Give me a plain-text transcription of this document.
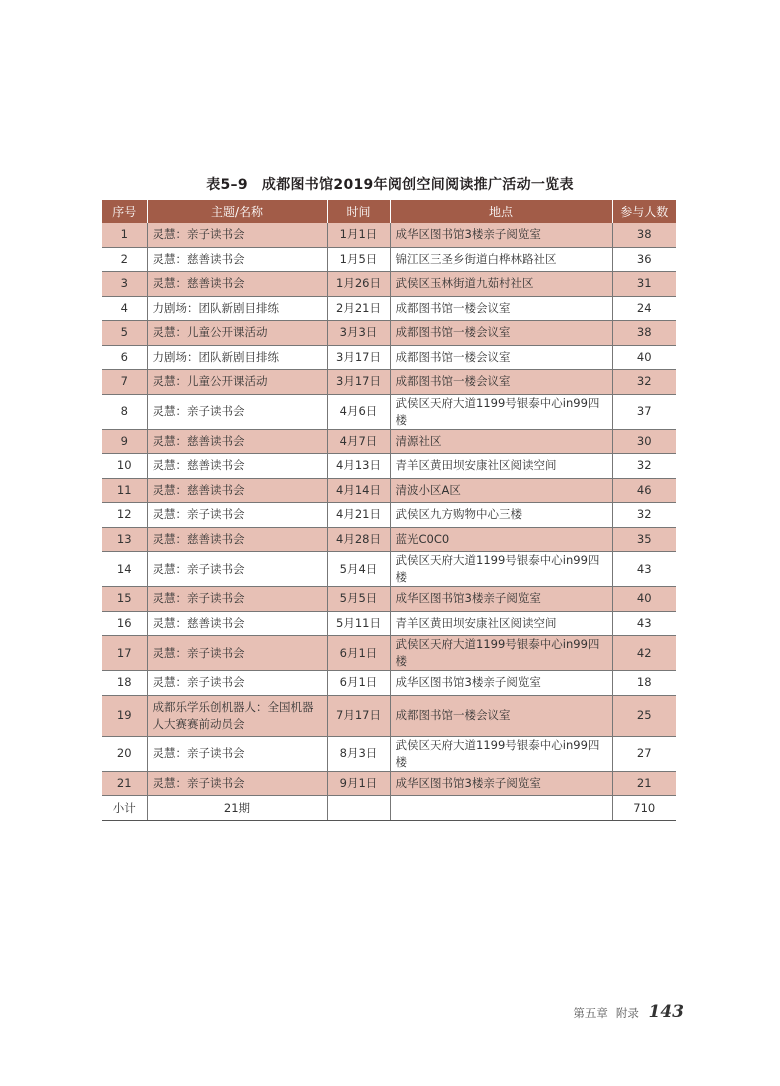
表5–9 成都图书馆2019年阅创空间阅读推广活动一览表
序号	主题/名称	时间	地点	参与人数
1	灵慧：亲子读书会	1月1日	成华区图书馆3楼亲子阅览室	38
2	灵慧：慈善读书会	1月5日	锦江区三圣乡街道白桦林路社区	36
3	灵慧：慈善读书会	1月26日	武侯区玉林街道九茹村社区	31
4	力剧场：团队新剧目排练	2月21日	成都图书馆一楼会议室	24
5	灵慧：儿童公开课活动	3月3日	成都图书馆一楼会议室	38
6	力剧场：团队新剧目排练	3月17日	成都图书馆一楼会议室	40
7	灵慧：儿童公开课活动	3月17日	成都图书馆一楼会议室	32
8	灵慧：亲子读书会	4月6日	武侯区天府大道1199号银泰中心in99四楼	37
9	灵慧：慈善读书会	4月7日	清源社区	30
10	灵慧：慈善读书会	4月13日	青羊区黄田坝安康社区阅读空间	32
11	灵慧：慈善读书会	4月14日	清波小区A区	46
12	灵慧：亲子读书会	4月21日	武侯区九方购物中心三楼	32
13	灵慧：慈善读书会	4月28日	蓝光C0C0	35
14	灵慧：亲子读书会	5月4日	武侯区天府大道1199号银泰中心in99四楼	43
15	灵慧：亲子读书会	5月5日	成华区图书馆3楼亲子阅览室	40
16	灵慧：慈善读书会	5月11日	青羊区黄田坝安康社区阅读空间	43
17	灵慧：亲子读书会	6月1日	武侯区天府大道1199号银泰中心in99四楼	42
18	灵慧：亲子读书会	6月1日	成华区图书馆3楼亲子阅览室	18
19	成都乐学乐创机器人：全国机器人大赛赛前动员会	7月17日	成都图书馆一楼会议室	25
20	灵慧：亲子读书会	8月3日	武侯区天府大道1199号银泰中心in99四楼	27
21	灵慧：亲子读书会	9月1日	成华区图书馆3楼亲子阅览室	21
小计	21期			710
第五章 附录 143
